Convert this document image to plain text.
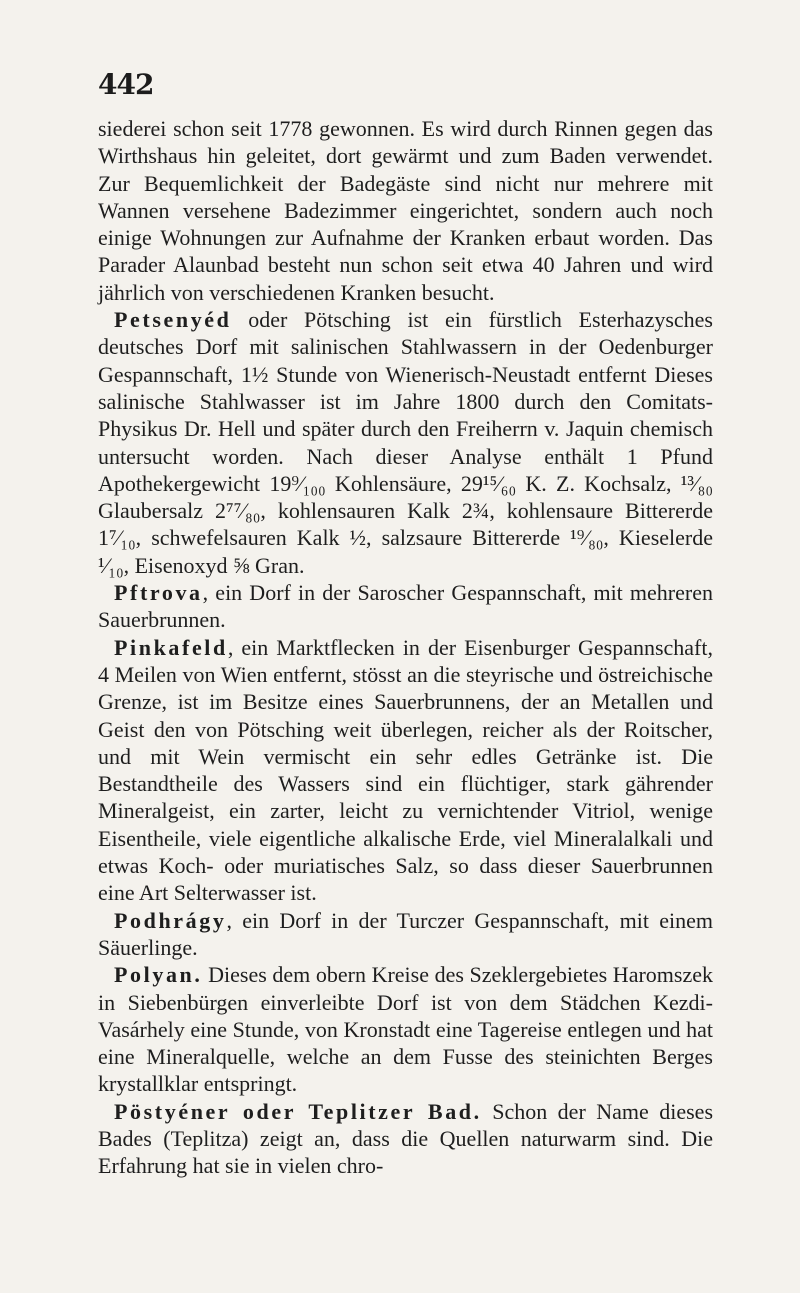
442

siederei schon seit 1778 gewonnen. Es wird durch Rinnen gegen das Wirthshaus hin geleitet, dort gewärmt und zum Baden verwendet. Zur Bequemlichkeit der Badegäste sind nicht nur mehrere mit Wannen versehene Badezimmer eingerichtet, sondern auch noch einige Wohnungen zur Aufnahme der Kranken erbaut worden. Das Parader Alaunbad besteht nun schon seit etwa 40 Jahren und wird jährlich von verschiedenen Kranken besucht.

Petsenyéd oder Pötsching ist ein fürstlich Esterhazysches deutsches Dorf mit salinischen Stahlwassern in der Oedenburger Gespannschaft, 1½ Stunde von Wienerisch-Neustadt entfernt Dieses salinische Stahlwasser ist im Jahre 1800 durch den Comitats-Physikus Dr. Hell und später durch den Freiherrn v. Jaquin chemisch untersucht worden. Nach dieser Analyse enthält 1 Pfund Apothekergewicht 19⁹⁄₁₀₀ Kohlensäure, 29¹⁵⁄₆₀ K. Z. Kochsalz, ¹³⁄₈₀ Glaubersalz 2⁷⁷⁄₈₀, kohlensauren Kalk 2¾, kohlensaure Bittererde 1⁷⁄₁₀, schwefelsauren Kalk ½, salzsaure Bittererde ¹⁹⁄₈₀, Kieselerde ¹⁄₁₀, Eisenoxyd ⅝ Gran.

Pftrova, ein Dorf in der Saroscher Gespannschaft, mit mehreren Sauerbrunnen.

Pinkafeld, ein Marktflecken in der Eisenburger Gespannschaft, 4 Meilen von Wien entfernt, stösst an die steyrische und östreichische Grenze, ist im Besitze eines Sauerbrunnens, der an Metallen und Geist den von Pötsching weit überlegen, reicher als der Roitscher, und mit Wein vermischt ein sehr edles Getränke ist. Die Bestandtheile des Wassers sind ein flüchtiger, stark gährender Mineralgeist, ein zarter, leicht zu vernichtender Vitriol, wenige Eisentheile, viele eigentliche alkalische Erde, viel Mineralalkali und etwas Koch- oder muriatisches Salz, so dass dieser Sauerbrunnen eine Art Selterwasser ist.

Podhrágy, ein Dorf in der Turczer Gespannschaft, mit einem Säuerlinge.

Polyan. Dieses dem obern Kreise des Szeklergebietes Haromszek in Siebenbürgen einverleibte Dorf ist von dem Städchen Kezdi-Vasárhely eine Stunde, von Kronstadt eine Tagereise entlegen und hat eine Mineralquelle, welche an dem Fusse des steinichten Berges krystallklar entspringt.

Pöstyéner oder Teplitzer Bad. Schon der Name dieses Bades (Teplitza) zeigt an, dass die Quellen naturwarm sind. Die Erfahrung hat sie in vielen chro-
